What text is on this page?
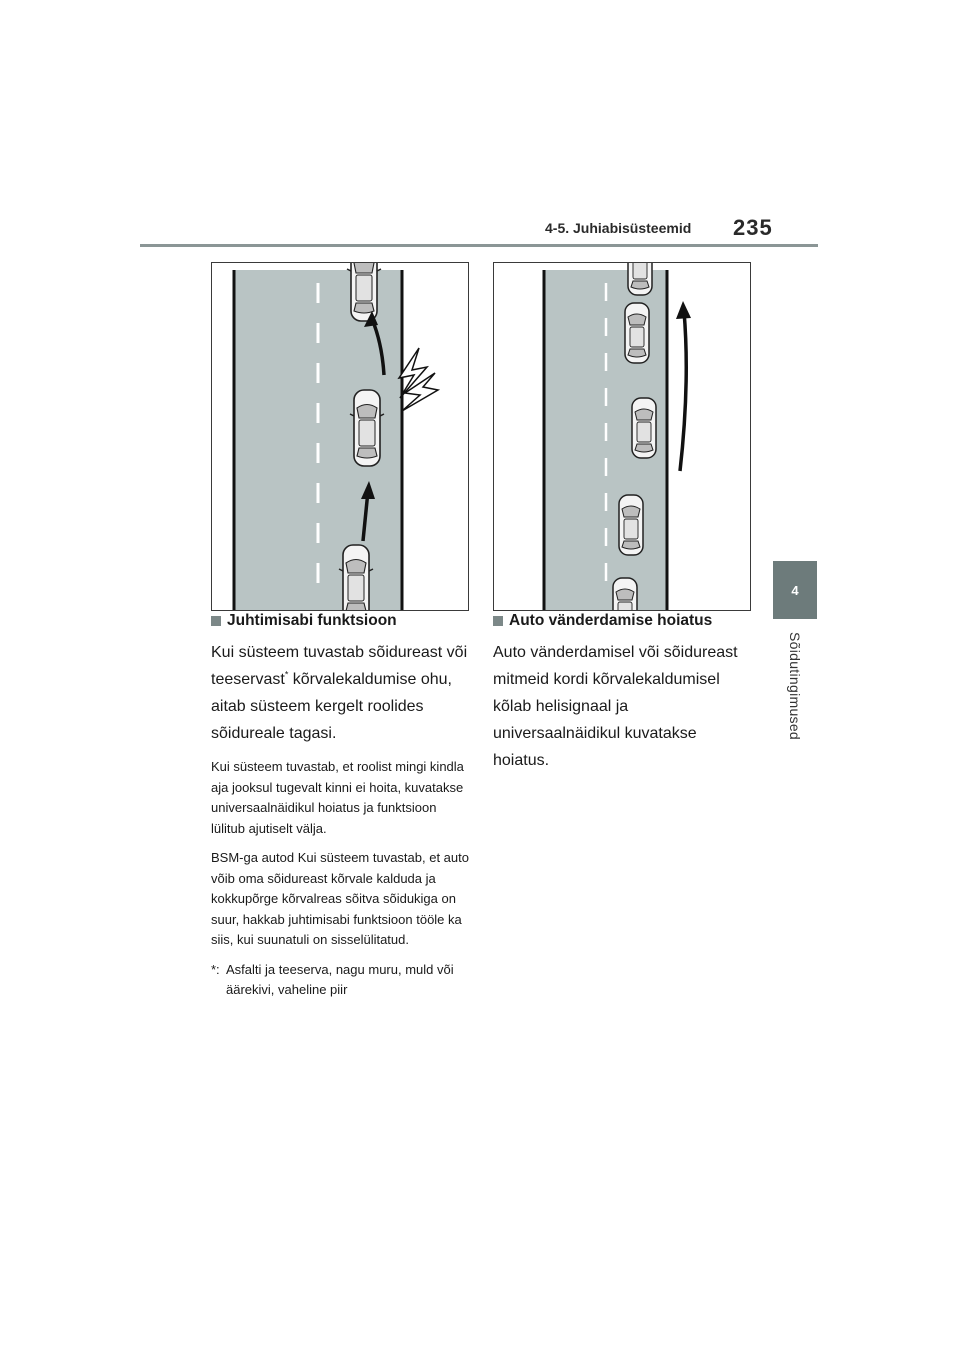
4-5. Juhiabisüsteemid 235
4
Sõidutingimused
Juhtimisabi funktsioon

Kui süsteem tuvastab sõidureast või teeservast* kõrvalekaldumise ohu, aitab süsteem kergelt roolides sõidureale tagasi.

Kui süsteem tuvastab, et roolist mingi kindla aja jooksul tugevalt kinni ei hoita, kuvatakse universaalnäidikul hoiatus ja funktsioon lülitub ajutiselt välja.

BSM-ga autod Kui süsteem tuvastab, et auto võib oma sõidureast kõrvale kalduda ja kokkupõrge kõrvalreas sõitva sõidukiga on suur, hakkab juhtimisabi funktsioon tööle ka siis, kui suunatuli on sisselülitatud.

*: Asfalti ja teeserva, nagu muru, muld või äärekivi, vaheline piir
Auto vänderdamise hoiatus

Auto vänderdamisel või sõidureast mitmeid kordi kõrvalekaldumisel kõlab helisignaal ja universaalnäidikul kuvatakse hoiatus.
